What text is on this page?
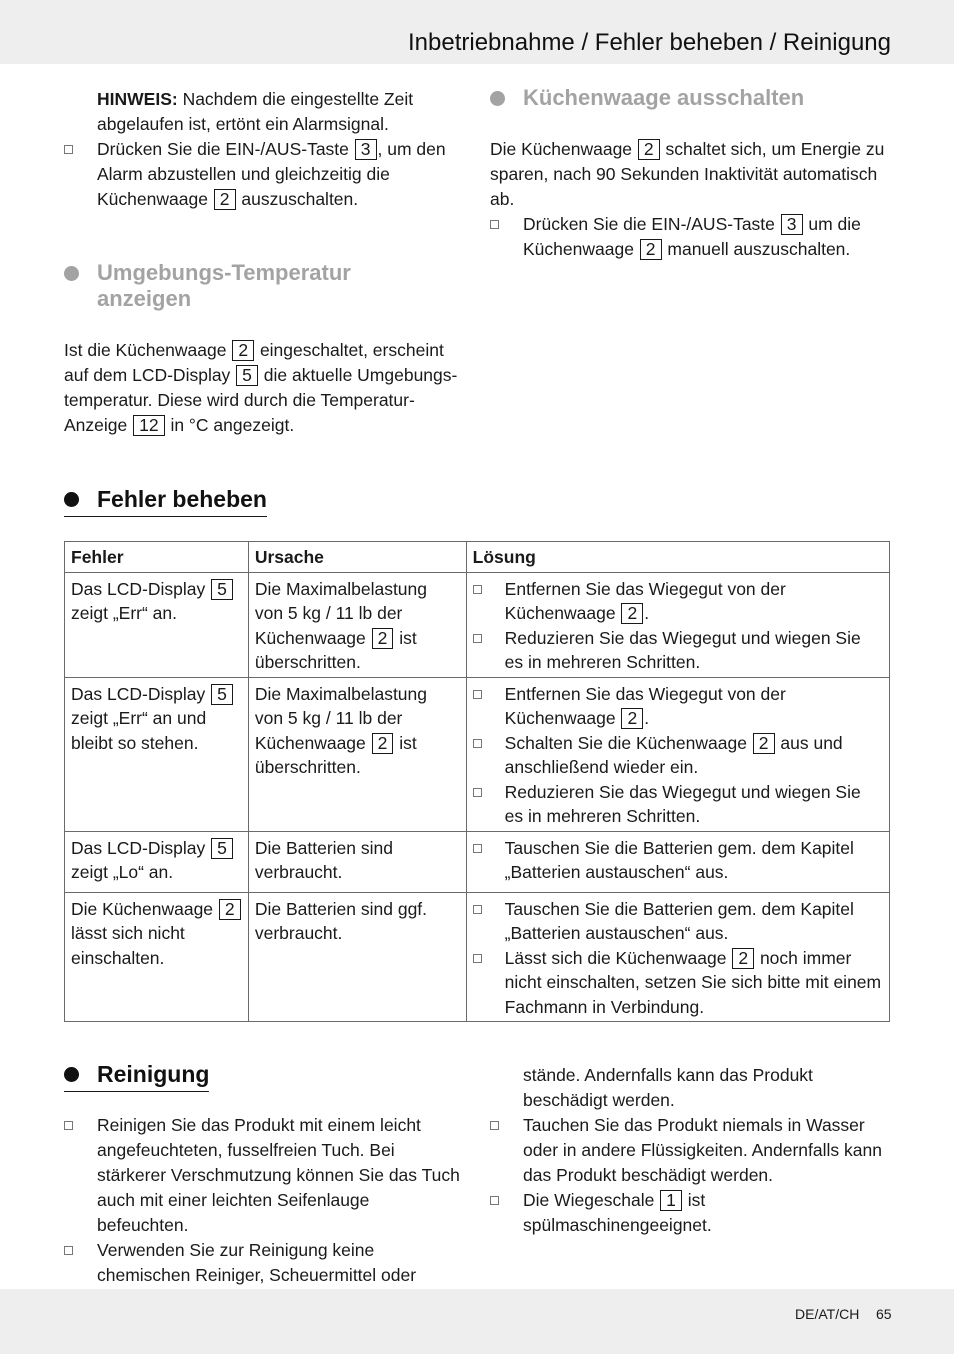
Inbetriebnahme / Fehler beheben / Reinigung

HINWEIS: Nachdem die eingestellte Zeit abgelaufen ist, ertönt ein Alarmsignal.

Drücken Sie die EIN-/AUS-Taste 3 , um den Alarm abzustellen und gleichzeitig die Küchenwaage 2 auszuschalten.
Umgebungs-Temperatur anzeigen

Ist die Küchenwaage 2 eingeschaltet, erscheint auf dem LCD-Display 5 die aktuelle Umgebungs-temperatur. Diese wird durch die Temperatur-Anzeige 12 in °C angezeigt.

Küchenwaage ausschalten

Die Küchenwaage 2 schaltet sich, um Energie zu sparen, nach 90 Sekunden Inaktivität automatisch ab.

Drücken Sie die EIN-/AUS-Taste 3 um die Küchenwaage 2 manuell auszuschalten.
Fehler beheben
Fehler	Ursache	Lösung
Das LCD-Display 5 zeigt „Err“ an.	Die Maximalbelastung von 5 kg / 11 lb der Küchenwaage 2 ist überschritten.	Entfernen Sie das Wiegegut von der Küchenwaage 2 .
Reduzieren Sie das Wiegegut und wiegen Sie es in mehreren Schritten.

Das LCD-Display 5 zeigt „Err“ an und bleibt so stehen.	Die Maximalbelastung von 5 kg / 11 lb der Küchenwaage 2 ist überschritten.	Entfernen Sie das Wiegegut von der Küchenwaage 2 .
Schalten Sie die Küchenwaage 2 aus und anschließend wieder ein.
Reduzieren Sie das Wiegegut und wiegen Sie es in mehreren Schritten.

Das LCD-Display 5 zeigt „Lo“ an.	Die Batterien sind verbraucht.	Tauschen Sie die Batterien gem. dem Kapitel „Batterien austauschen“ aus.

Die Küchenwaage 2 lässt sich nicht einschalten.	Die Batterien sind ggf. verbraucht.	Tauschen Sie die Batterien gem. dem Kapitel „Batterien austauschen“ aus.
Lässt sich die Küchenwaage 2 noch immer nicht einschalten, setzen Sie sich bitte mit einem Fachmann in Verbindung.
Reinigung
Reinigen Sie das Produkt mit einem leicht angefeuchteten, fusselfreien Tuch. Bei stärkerer Verschmutzung können Sie das Tuch auch mit einer leichten Seifenlauge befeuchten.
Verwenden Sie zur Reinigung keine chemischen Reiniger, Scheuermittel oder

stände. Andernfalls kann das Produkt beschädigt werden.

Tauchen Sie das Produkt niemals in Wasser oder in andere Flüssigkeiten. Andernfalls kann das Produkt beschädigt werden.
Die Wiegeschale 1 ist spülmaschinengeeignet.
DE/AT/CH 65
